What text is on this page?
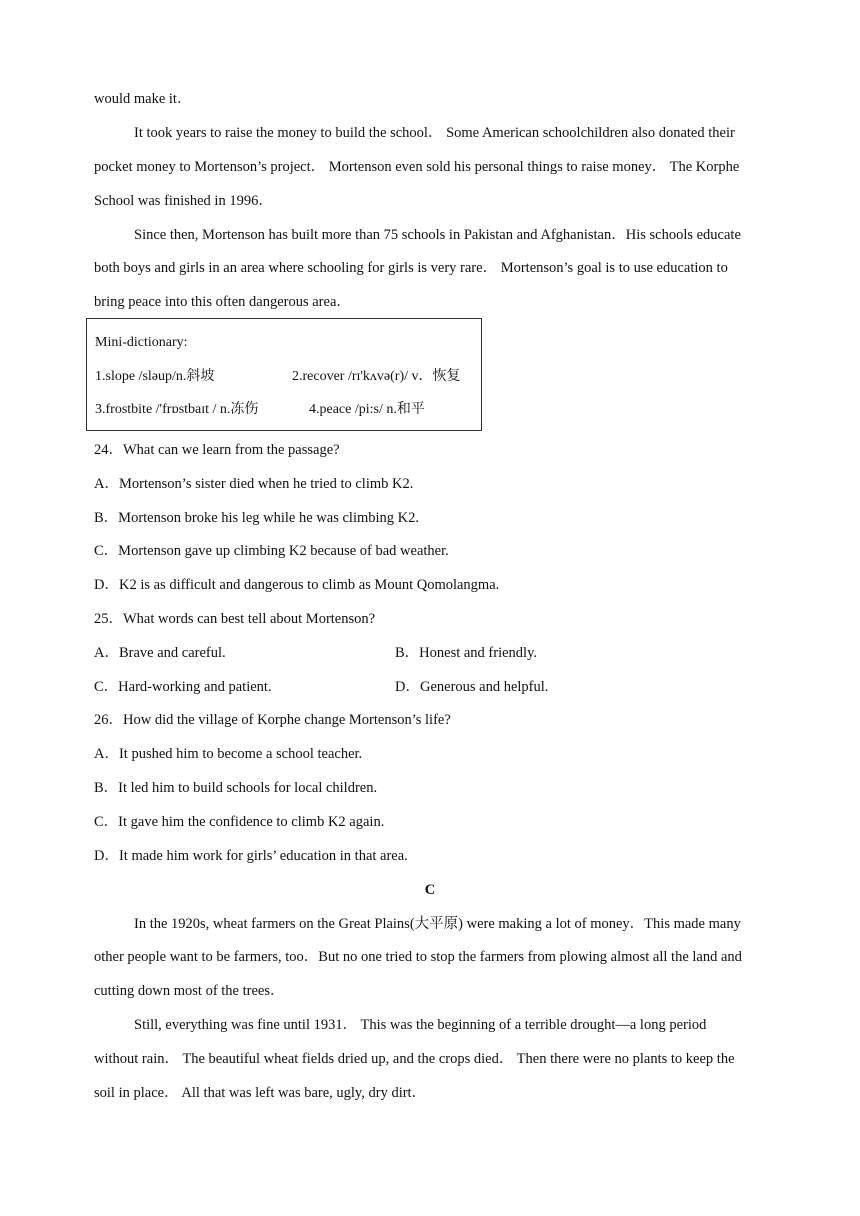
would make it．
It took years to raise the money to build the school． Some American schoolchildren also donated their
pocket money to Mortenson’s project． Mortenson even sold his personal things to raise money． The Korphe
School was finished in 1996．
Since then, Mortenson has built more than 75 schools in Pakistan and Afghanistan．His schools educate
both boys and girls in an area where schooling for girls is very rare． Mortenson’s goal is to use education to
bring peace into this often dangerous area．
Mini-dictionary:
1.slope /sləup/n.斜坡	2.recover /rɪ'kʌvə(r)/ v．恢复
3.frostbite /'frɒstbaɪt / n.冻伤	4.peace /pi:s/ n.和平
24．What can we learn from the passage?
A．Mortenson’s sister died when he tried to climb K2.
B．Mortenson broke his leg while he was climbing K2.
C．Mortenson gave up climbing K2 because of bad weather.
D．K2 is as difficult and dangerous to climb as Mount Qomolangma.
25．What words can best tell about Mortenson?
A．Brave and careful.	B．Honest and friendly.
C．Hard-working and patient.	D．Generous and helpful.
26．How did the village of Korphe change Mortenson’s life?
A．It pushed him to become a school teacher.
B．It led him to build schools for local children.
C．It gave him the confidence to climb K2 again.
D．It made him work for girls’ education in that area.
C
In the 1920s, wheat farmers on the Great Plains(大平原) were making a lot of money．This made many
other people want to be farmers, too．But no one tried to stop the farmers from plowing almost all the land and
cutting down most of the trees．
Still, everything was fine until 1931． This was the beginning of a terrible drought—a long period
without rain． The beautiful wheat fields dried up, and the crops died． Then there were no plants to keep the
soil in place． All that was left was bare, ugly, dry dirt．
